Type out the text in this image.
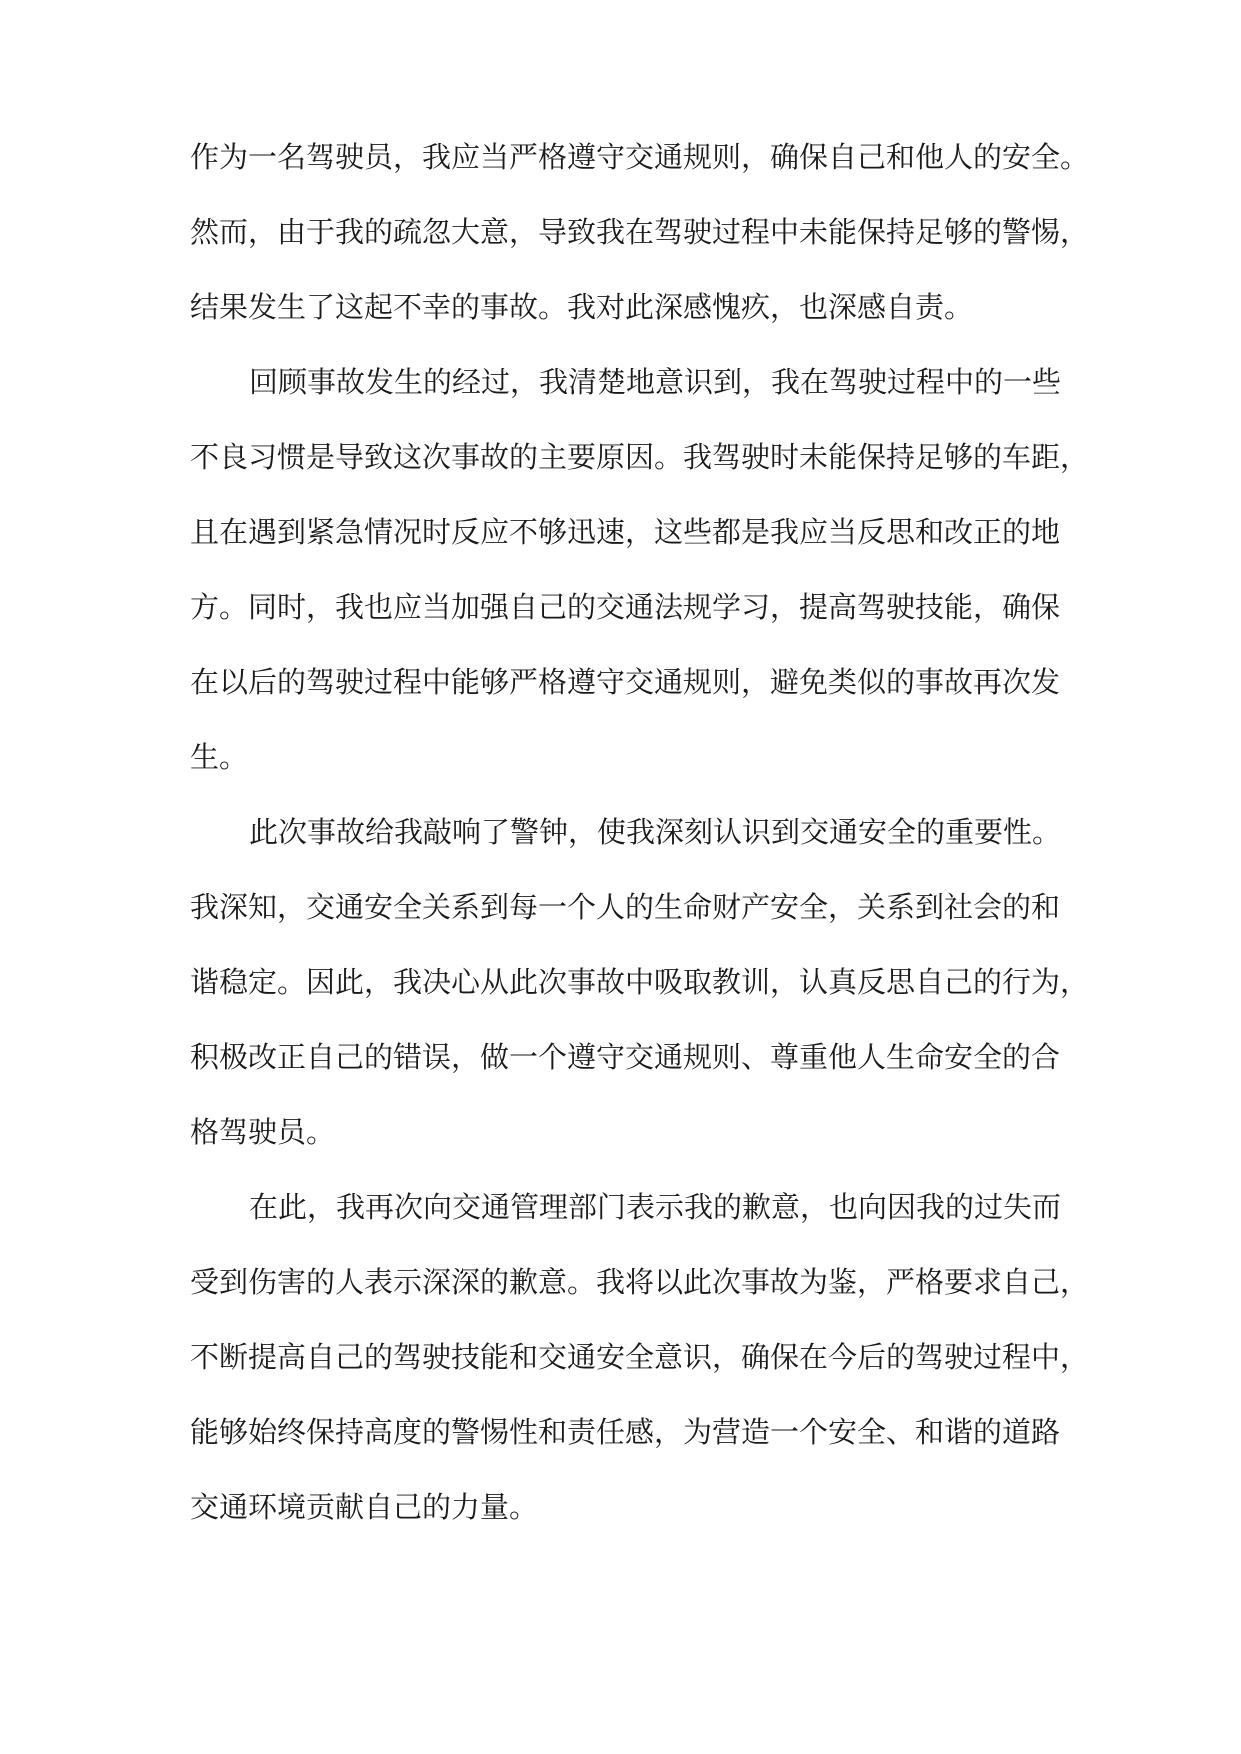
作为一名驾驶员，我应当严格遵守交通规则，确保自己和他人的安全。
然而，由于我的疏忽大意，导致我在驾驶过程中未能保持足够的警惕，
结果发生了这起不幸的事故。我对此深感愧疚，也深感自责。
回顾事故发生的经过，我清楚地意识到，我在驾驶过程中的一些
不良习惯是导致这次事故的主要原因。我驾驶时未能保持足够的车距，
且在遇到紧急情况时反应不够迅速，这些都是我应当反思和改正的地
方。同时，我也应当加强自己的交通法规学习，提高驾驶技能，确保
在以后的驾驶过程中能够严格遵守交通规则，避免类似的事故再次发
生。
此次事故给我敲响了警钟，使我深刻认识到交通安全的重要性。
我深知，交通安全关系到每一个人的生命财产安全，关系到社会的和
谐稳定。因此，我决心从此次事故中吸取教训，认真反思自己的行为，
积极改正自己的错误，做一个遵守交通规则、尊重他人生命安全的合
格驾驶员。
在此，我再次向交通管理部门表示我的歉意，也向因我的过失而
受到伤害的人表示深深的歉意。我将以此次事故为鉴，严格要求自己，
不断提高自己的驾驶技能和交通安全意识，确保在今后的驾驶过程中，
能够始终保持高度的警惕性和责任感，为营造一个安全、和谐的道路
交通环境贡献自己的力量。
